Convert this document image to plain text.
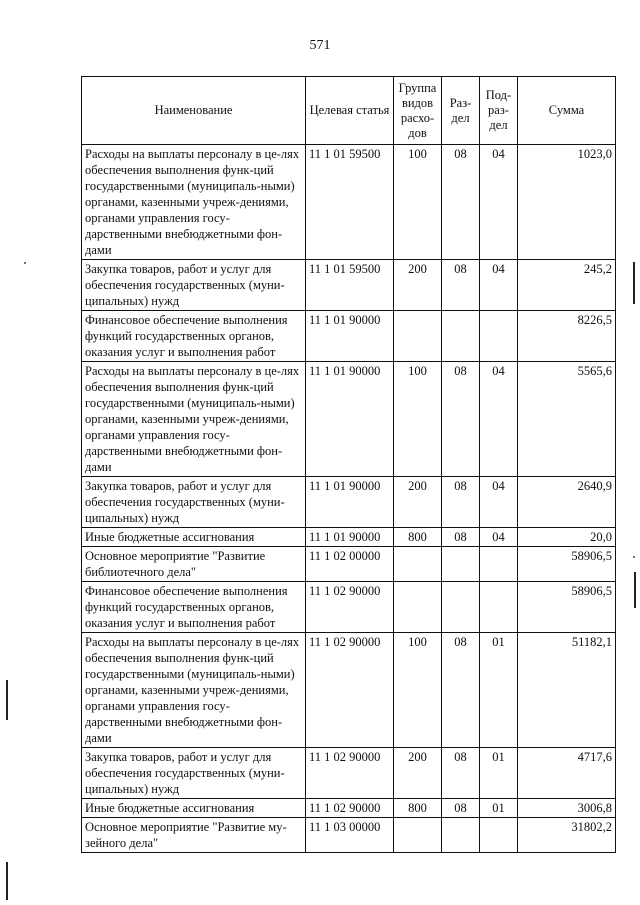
571
Наименование	Целевая статья	Группа видов расхо-дов	Раз-дел	Под-раз-дел	Сумма
Расходы на выплаты персоналу в це-лях обеспечения выполнения функ-ций государственными (муниципаль-ными) органами, казенными учреж-дениями, органами управления госу-дарственными внебюджетными фон-дами	11 1 01 59500	100	08	04	1023,0
Закупка товаров, работ и услуг для обеспечения государственных (муни-ципальных) нужд	11 1 01 59500	200	08	04	245,2
Финансовое обеспечение выполнения функций государственных органов, оказания услуг и выполнения работ	11 1 01 90000				8226,5
Расходы на выплаты персоналу в це-лях обеспечения выполнения функ-ций государственными (муниципаль-ными) органами, казенными учреж-дениями, органами управления госу-дарственными внебюджетными фон-дами	11 1 01 90000	100	08	04	5565,6
Закупка товаров, работ и услуг для обеспечения государственных (муни-ципальных) нужд	11 1 01 90000	200	08	04	2640,9
Иные бюджетные ассигнования	11 1 01 90000	800	08	04	20,0
Основное мероприятие "Развитие библиотечного дела"	11 1 02 00000				58906,5
Финансовое обеспечение выполнения функций государственных органов, оказания услуг и выполнения работ	11 1 02 90000				58906,5
Расходы на выплаты персоналу в це-лях обеспечения выполнения функ-ций государственными (муниципаль-ными) органами, казенными учреж-дениями, органами управления госу-дарственными внебюджетными фон-дами	11 1 02 90000	100	08	01	51182,1
Закупка товаров, работ и услуг для обеспечения государственных (муни-ципальных) нужд	11 1 02 90000	200	08	01	4717,6
Иные бюджетные ассигнования	11 1 02 90000	800	08	01	3006,8
Основное мероприятие "Развитие му-зейного дела"	11 1 03 00000				31802,2
